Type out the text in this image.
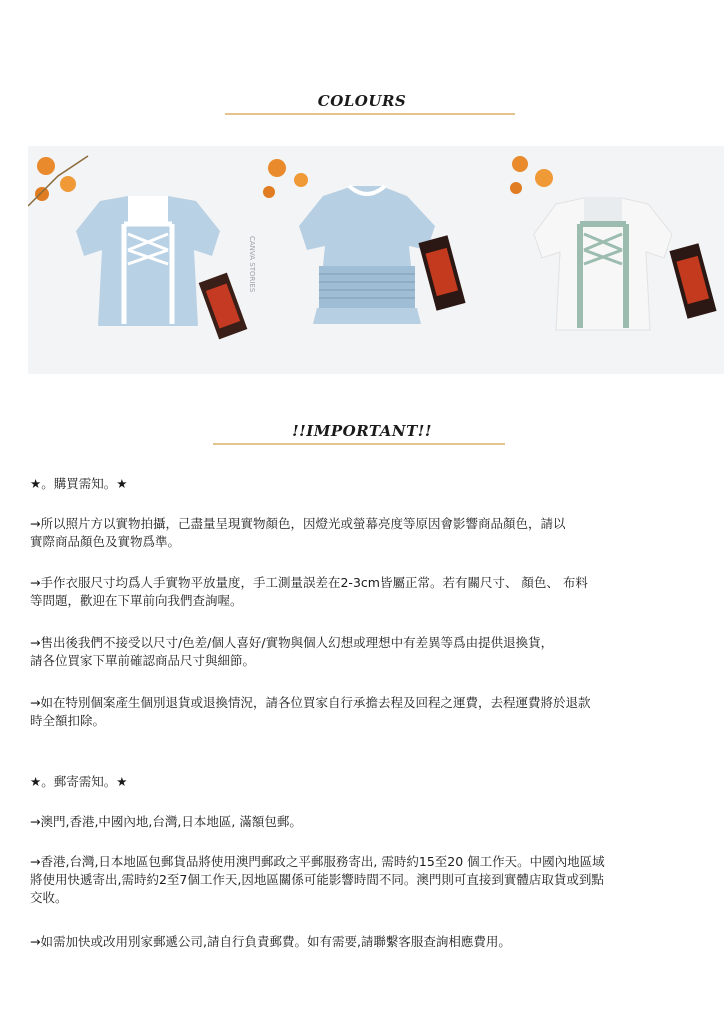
COLOURS
CANVA STORIES
!!IMPORTANT!!
★。購買需知。★
→所以照片方以實物拍攝，己盡量呈現實物顏色，因燈光或螢幕亮度等原因會影響商品顏色，請以
實際商品顏色及實物爲準。
→手作衣服尺寸均爲人手實物平放量度，手工測量誤差在2-3cm皆屬正常。若有關尺寸、 顏色、 布料
等問題，歡迎在下單前向我們查詢喔。
→售出後我們不接受以尺寸/色差/個人喜好/實物與個人幻想或理想中有差異等爲由提供退換貨，
請各位買家下單前確認商品尺寸與細節。
→如在特別個案產生個別退貨或退換情況，請各位買家自行承擔去程及回程之運費，去程運費將於退款
時全額扣除。
★。郵寄需知。★
→澳門,香港,中國內地,台灣,日本地區, 滿額包郵。
→香港,台灣,日本地區包郵貨品將使用澳門郵政之平郵服務寄出, 需時約15至20 個工作天。中國內地區域
將使用快遞寄出,需時約2至7個工作天,因地區關係可能影響時間不同。澳門則可直接到實體店取貨或到點
交收。
→如需加快或改用別家郵遞公司,請自行負責郵費。如有需要,請聯繫客服查詢相應費用。
